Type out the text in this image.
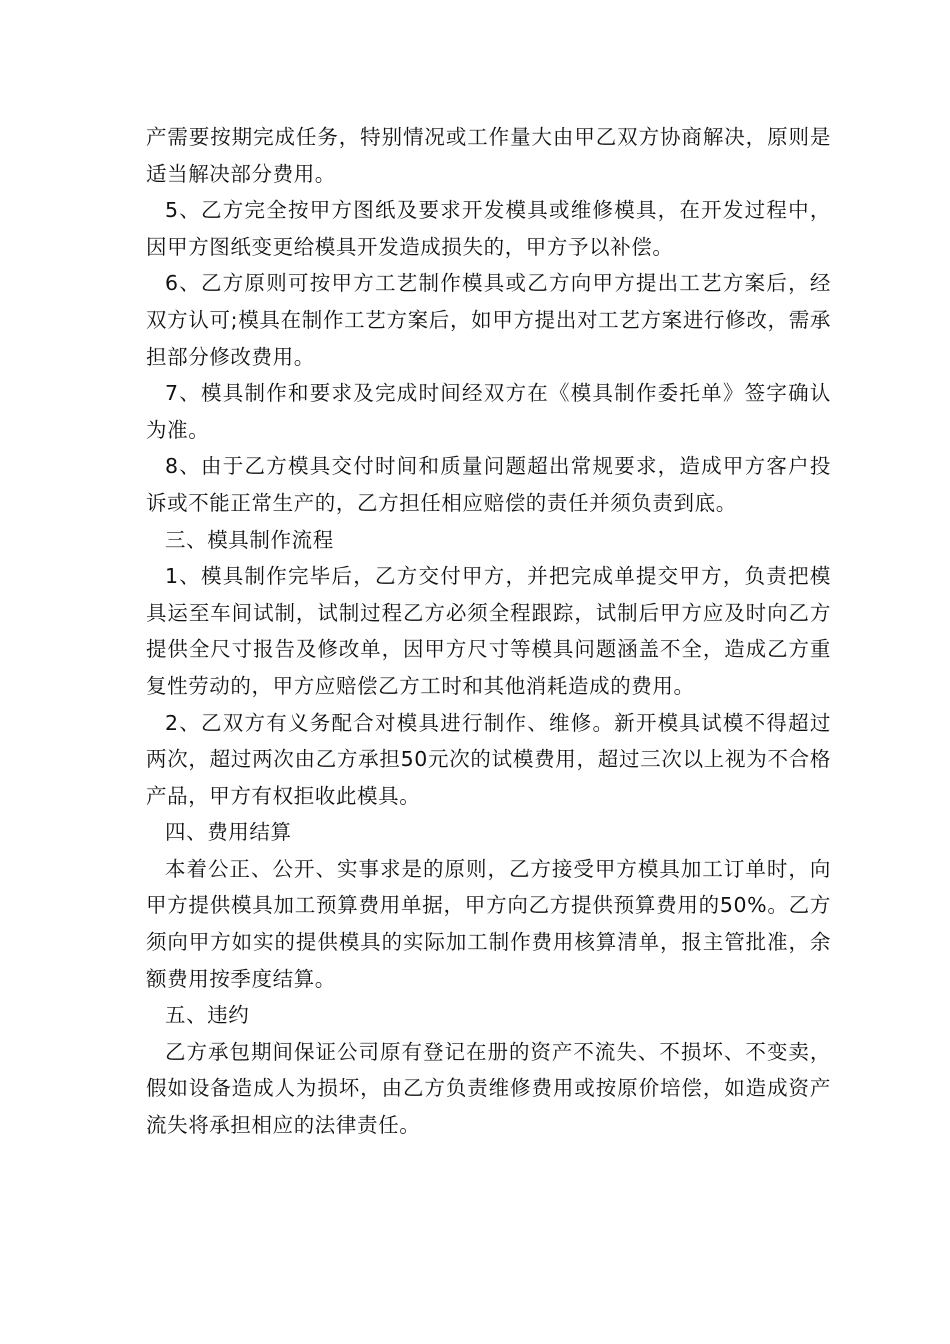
产需要按期完成任务，特别情况或工作量大由甲乙双方协商解决，原则是适当解决部分费用。

5、乙方完全按甲方图纸及要求开发模具或维修模具，在开发过程中，因甲方图纸变更给模具开发造成损失的，甲方予以补偿。

6、乙方原则可按甲方工艺制作模具或乙方向甲方提出工艺方案后，经双方认可;模具在制作工艺方案后，如甲方提出对工艺方案进行修改，需承担部分修改费用。

7、模具制作和要求及完成时间经双方在《模具制作委托单》签字确认为准。

8、由于乙方模具交付时间和质量问题超出常规要求，造成甲方客户投诉或不能正常生产的，乙方担任相应赔偿的责任并须负责到底。

三、模具制作流程

1、模具制作完毕后，乙方交付甲方，并把完成单提交甲方，负责把模具运至车间试制，试制过程乙方必须全程跟踪，试制后甲方应及时向乙方提供全尺寸报告及修改单，因甲方尺寸等模具问题涵盖不全，造成乙方重复性劳动的，甲方应赔偿乙方工时和其他消耗造成的费用。

2、乙双方有义务配合对模具进行制作、维修。新开模具试模不得超过两次，超过两次由乙方承担50元次的试模费用，超过三次以上视为不合格产品，甲方有权拒收此模具。

四、费用结算

本着公正、公开、实事求是的原则，乙方接受甲方模具加工订单时，向甲方提供模具加工预算费用单据，甲方向乙方提供预算费用的50%。乙方须向甲方如实的提供模具的实际加工制作费用核算清单，报主管批准，余额费用按季度结算。

五、违约

乙方承包期间保证公司原有登记在册的资产不流失、不损坏、不变卖，假如设备造成人为损坏，由乙方负责维修费用或按原价培偿，如造成资产流失将承担相应的法律责任。
